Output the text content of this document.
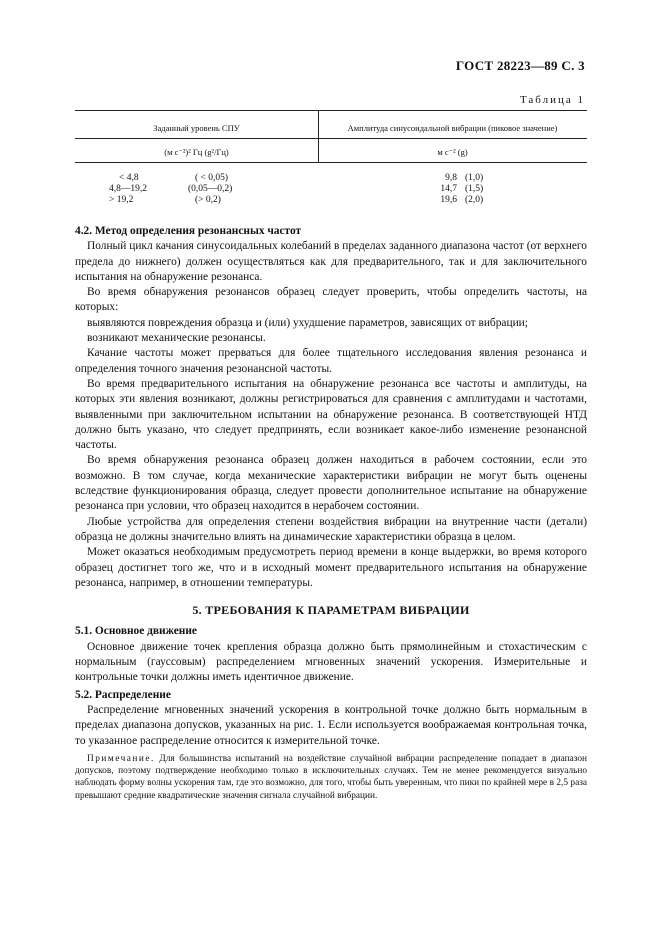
ГОСТ 28223—89 С. 3
Таблица 1
Заданный уровень СПУ	Амплитуда синусоидальной вибрации (пиковое значение)
(м с⁻²)² Гц (g²/Гц)	м с⁻² (g)
< 4,8	( < 0,05)	9,8 (1,0)
4,8—19,2	(0,05—0,2)	14,7 (1,5)
> 19,2	(> 0,2)	19,6 (2,0)
4.2. Метод определения резонансных частот

Полный цикл качания синусоидальных колебаний в пределах заданного диапазона частот (от верхнего предела до нижнего) должен осуществляться как для предварительного, так и для заключительного испытания на обнаружение резонанса.

Во время обнаружения резонансов образец следует проверить, чтобы определить частоты, на которых:

выявляются повреждения образца и (или) ухудшение параметров, зависящих от вибрации;

возникают механические резонансы.

Качание частоты может прерваться для более тщательного исследования явления резонанса и определения точного значения резонансной частоты.

Во время предварительного испытания на обнаружение резонанса все частоты и амплитуды, на которых эти явления возникают, должны регистрироваться для сравнения с амплитудами и частотами, выявленными при заключительном испытании на обнаружение резонанса. В соответствующей НТД должно быть указано, что следует предпринять, если возникает какое-либо изменение резонансной частоты.

Во время обнаружения резонанса образец должен находиться в рабочем состоянии, если это возможно. В том случае, когда механические характеристики вибрации не могут быть оценены вследствие функционирования образца, следует провести дополнительное испытание на обнаружение резонанса при условии, что образец находится в нерабочем состоянии.

Любые устройства для определения степени воздействия вибрации на внутренние части (детали) образца не должны значительно влиять на динамические характеристики образца в целом.

Может оказаться необходимым предусмотреть период времени в конце выдержки, во время которого образец достигнет того же, что и в исходный момент предварительного испытания на обнаружение резонанса, например, в отношении температуры.

5. ТРЕБОВАНИЯ К ПАРАМЕТРАМ ВИБРАЦИИ
5.1. Основное движение

Основное движение точек крепления образца должно быть прямолинейным и стохастическим с нормальным (гауссовым) распределением мгновенных значений ускорения. Измерительные и контрольные точки должны иметь идентичное движение.

5.2. Распределение

Распределение мгновенных значений ускорения в контрольной точке должно быть нормальным в пределах диапазона допусков, указанных на рис. 1. Если используется воображаемая контрольная точка, то указанное распределение относится к измерительной точке.

Примечание. Для большинства испытаний на воздействие случайной вибрации распределение попадает в диапазон допусков, поэтому подтверждение необходимо только в исключительных случаях. Тем не менее рекомендуется визуально наблюдать форму волны ускорения там, где это возможно, для того, чтобы быть уверенным, что пики по крайней мере в 2,5 раза превышают средние квадратические значения сигнала случайной вибрации.
